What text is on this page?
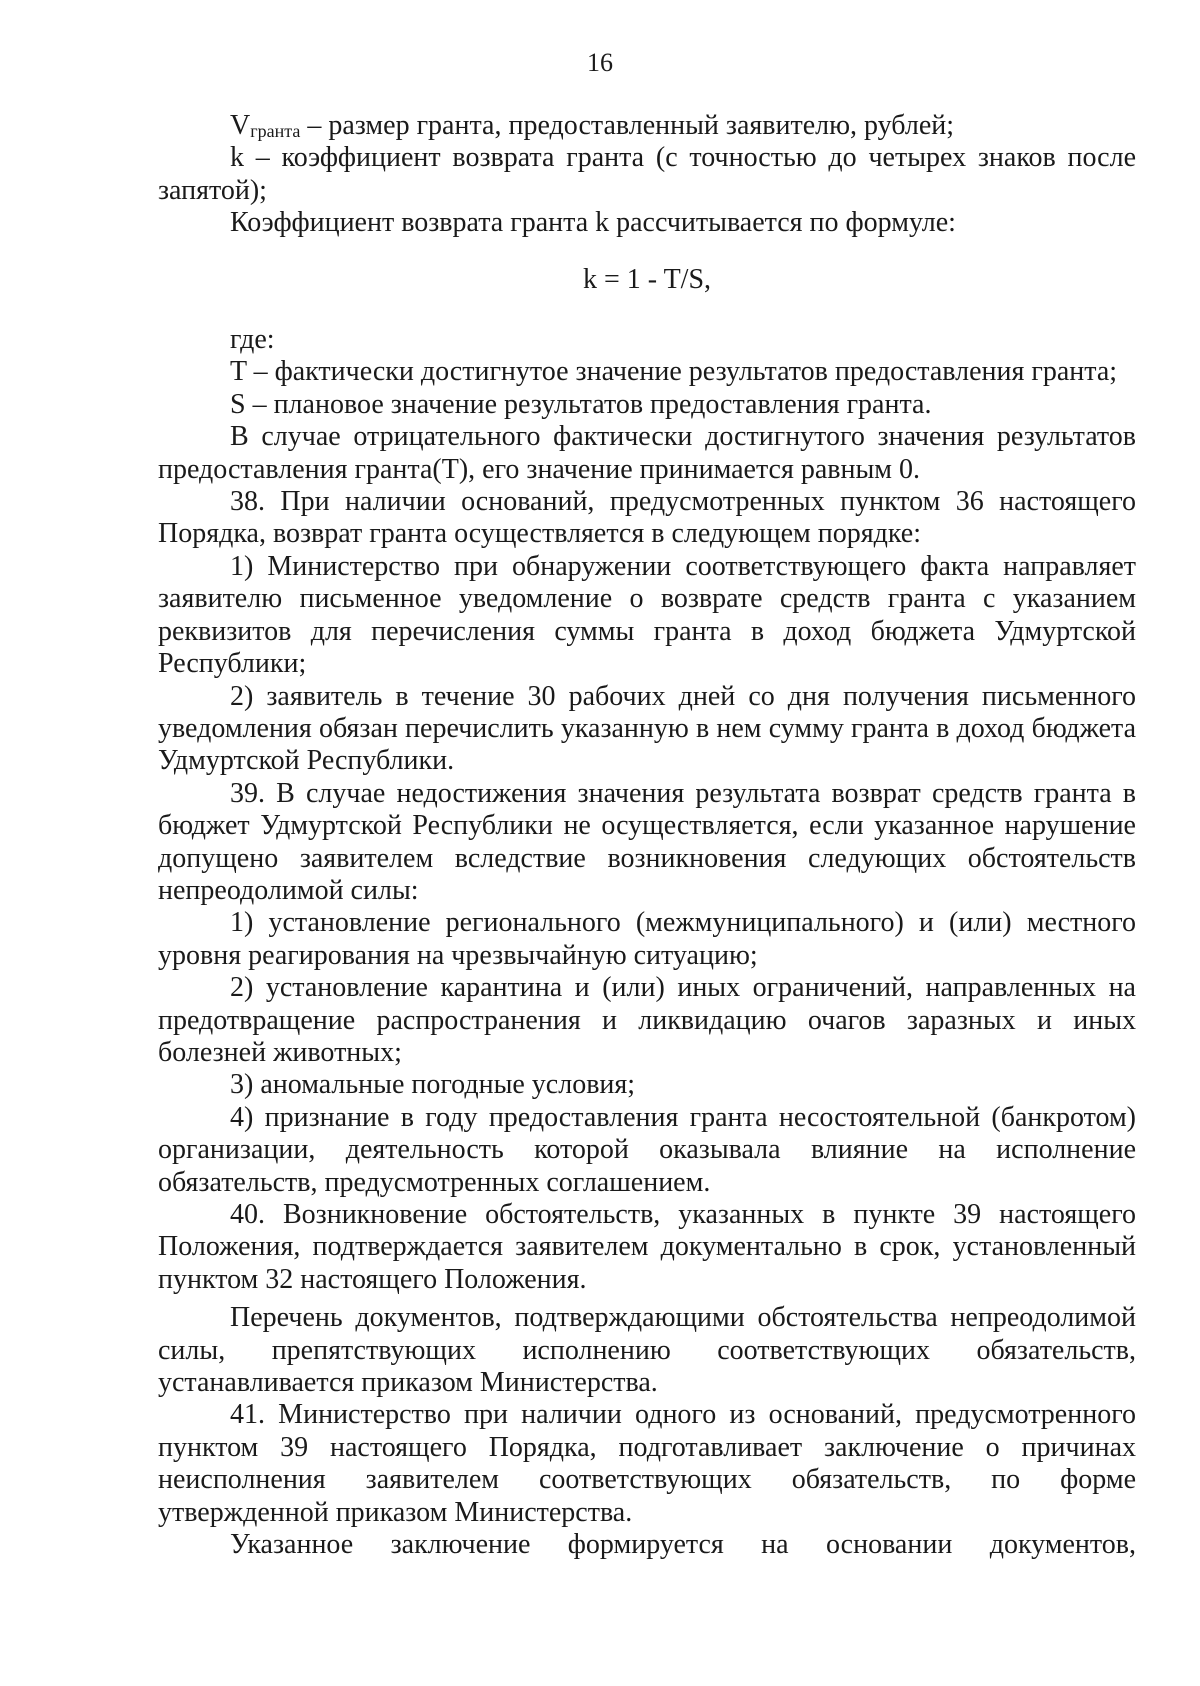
16

Vгранта – размер гранта, предоставленный заявителю, рублей;

k – коэффициент возврата гранта (с точностью до четырех знаков после запятой);

Коэффициент возврата гранта k рассчитывается по формуле:

k = 1 - T/S,

где:

T – фактически достигнутое значение результатов предоставления гранта;

S – плановое значение результатов предоставления гранта.

В случае отрицательного фактически достигнутого значения результатов предоставления гранта(Т), его значение принимается равным 0.

38. При наличии оснований, предусмотренных пунктом 36 настоящего Порядка, возврат гранта осуществляется в следующем порядке:

1) Министерство при обнаружении соответствующего факта направляет заявителю письменное уведомление о возврате средств гранта с указанием реквизитов для перечисления суммы гранта в доход бюджета Удмуртской Республики;

2) заявитель в течение 30 рабочих дней со дня получения письменного уведомления обязан перечислить указанную в нем сумму гранта в доход бюджета Удмуртской Республики.

39. В случае недостижения значения результата возврат средств гранта в бюджет Удмуртской Республики не осуществляется, если указанное нарушение допущено заявителем вследствие возникновения следующих обстоятельств непреодолимой силы:

1) установление регионального (межмуниципального) и (или) местного уровня реагирования на чрезвычайную ситуацию;

2) установление карантина и (или) иных ограничений, направленных на предотвращение распространения и ликвидацию очагов заразных и иных болезней животных;

3) аномальные погодные условия;

4) признание в году предоставления гранта несостоятельной (банкротом) организации, деятельность которой оказывала влияние на исполнение обязательств, предусмотренных соглашением.

40. Возникновение обстоятельств, указанных в пункте 39 настоящего Положения, подтверждается заявителем документально в срок, установленный пунктом 32 настоящего Положения.

Перечень документов, подтверждающими обстоятельства непреодолимой силы, препятствующих исполнению соответствующих обязательств, устанавливается приказом Министерства.

41. Министерство при наличии одного из оснований, предусмотренного пунктом 39 настоящего Порядка, подготавливает заключение о причинах неисполнения заявителем соответствующих обязательств, по форме утвержденной приказом Министерства.

Указанное заключение формируется на основании документов,
